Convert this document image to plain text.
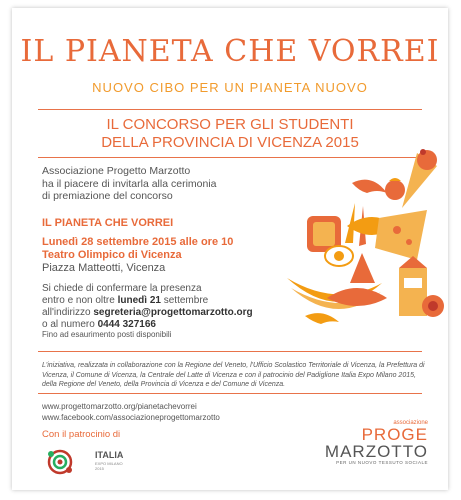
IL PIANETA CHE VORREI
NUOVO CIBO PER UN PIANETA NUOVO
IL CONCORSO PER GLI STUDENTI
DELLA PROVINCIA DI VICENZA 2015
Associazione Progetto Marzotto
ha il piacere di invitarla alla cerimonia
di premiazione del concorso
IL PIANETA CHE VORREI
Lunedì 28 settembre 2015 alle ore 10
Teatro Olimpico di Vicenza
Piazza Matteotti, Vicenza
Si chiede di confermare la presenza
entro e non oltre lunedì 21 settembre
all'indirizzo segreteria@progettomarzotto.org
o al numero 0444 327166
Fino ad esaurimento posti disponibili
L'iniziativa, realizzata in collaborazione con la Regione del Veneto, l'Ufficio Scolastico Territoriale di Vicenza, la Prefettura di Vicenza, il Comune di Vicenza, la Centrale del Latte di Vicenza e con il patrocinio del Padiglione Italia Expo Milano 2015, della Regione del Veneto, della Provincia di Vicenza e del Comune di Vicenza.
www.progettomarzotto.org/pianetachevorrei
www.facebook.com/associazioneprogettomarzotto
Con il patrocinio di
ITALIA
EXPO MILANO 2015
associazione
PROGE
MARZOTTO
PER UN NUOVO TESSUTO SOCIALE
